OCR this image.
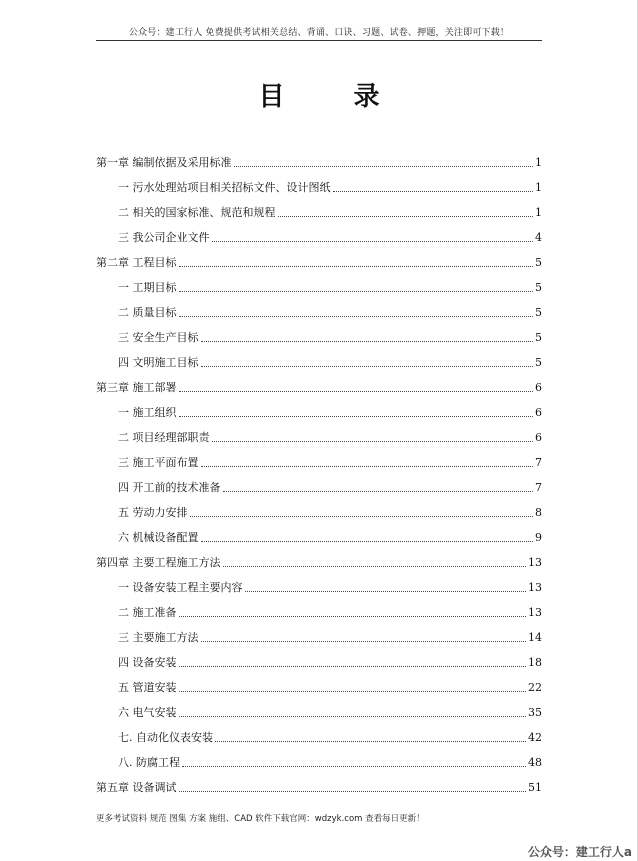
公众号：建工行人 免费提供考试相关总结、背诵、口诀、习题、试卷、押题，关注即可下载！
目 录
第一章 编制依据及采用标准	1
一 污水处理站项目相关招标文件、设计图纸	1
二 相关的国家标准、规范和规程	1
三 我公司企业文件	4
第二章 工程目标	5
一 工期目标	5
二 质量目标	5
三 安全生产目标	5
四 文明施工目标	5
第三章 施工部署	6
一 施工组织	6
二 项目经理部职责	6
三 施工平面布置	7
四 开工前的技术准备	7
五 劳动力安排	8
六 机械设备配置	9
第四章 主要工程施工方法	13
一 设备安装工程主要内容	13
二 施工准备	13
三 主要施工方法	14
四 设备安装	18
五 管道安装	22
六 电气安装	35
七. 自动化仪表安装	42
八. 防腐工程	48
第五章 设备调试	51
更多考试资料 规范 图集 方案 施组、CAD 软件下载官网：wdzyk.com 查看每日更新！
公众号：建工行人a
